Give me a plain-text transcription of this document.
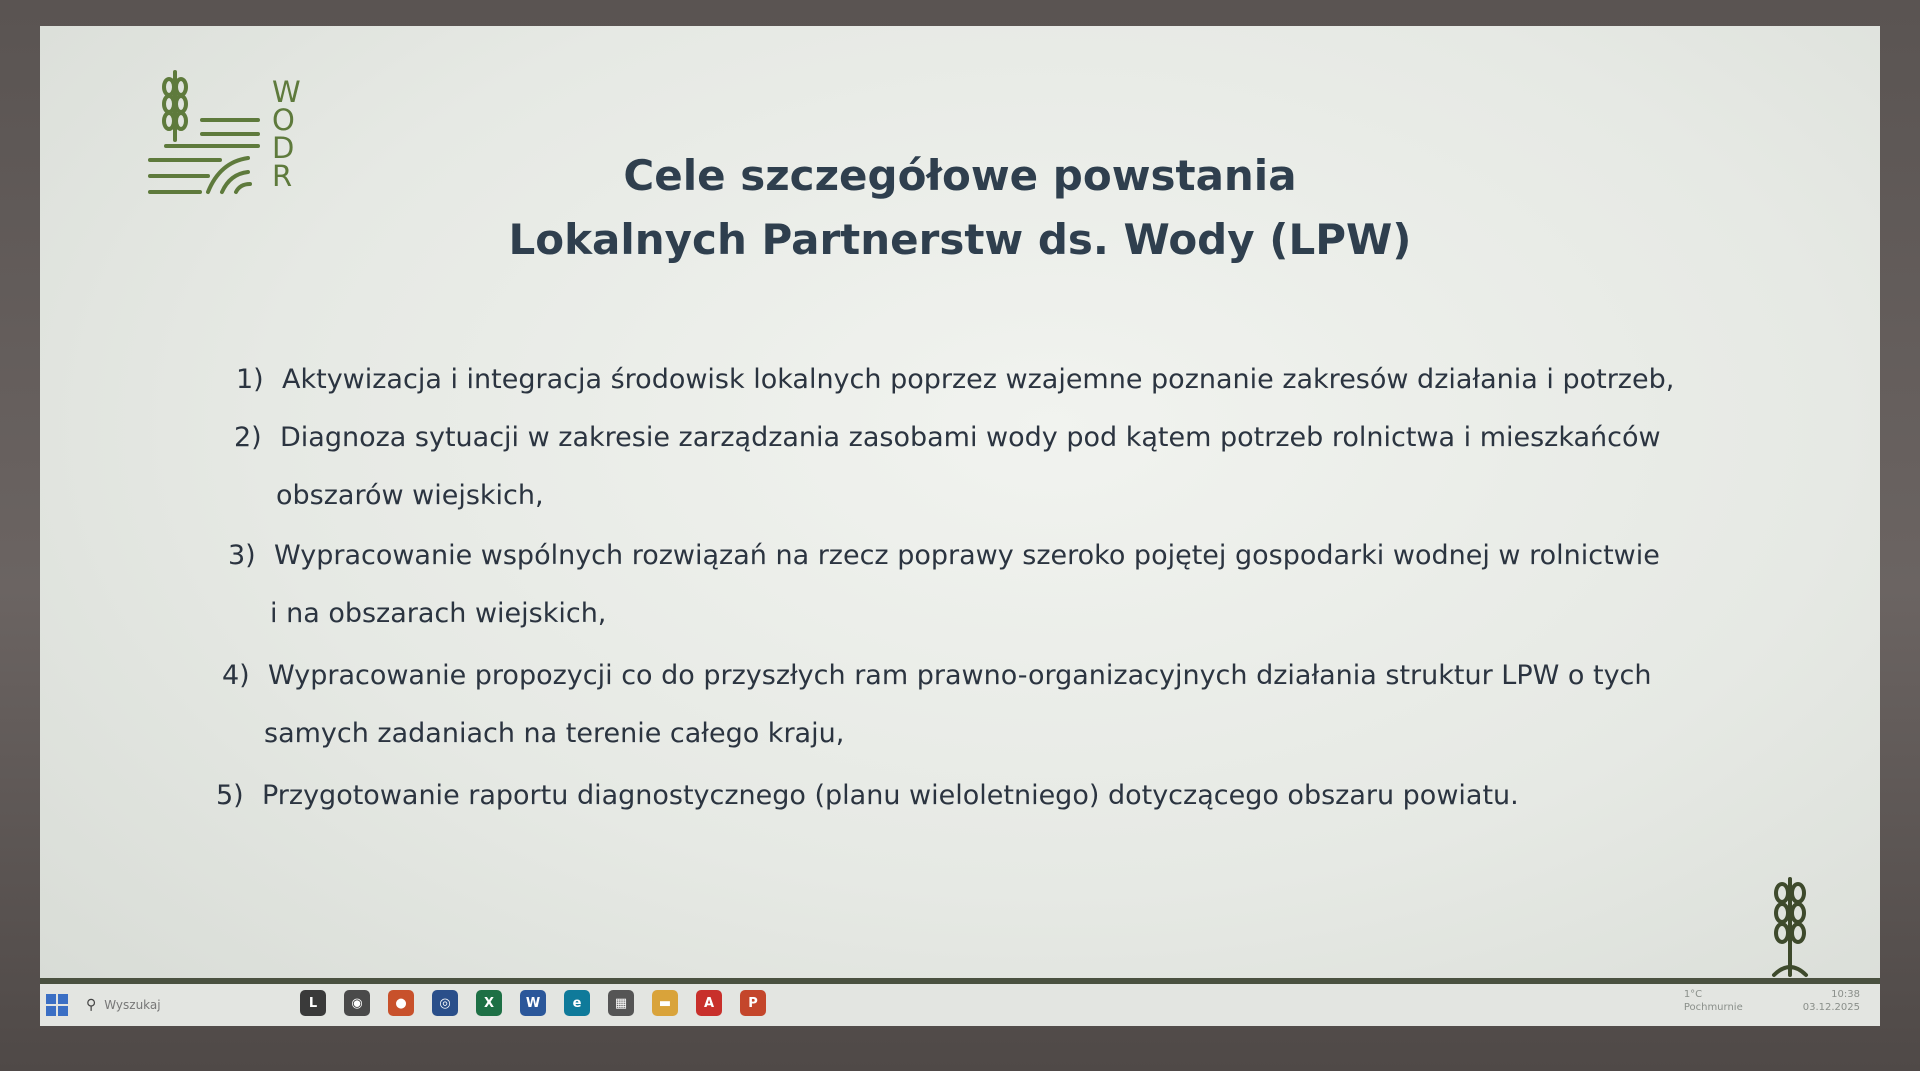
W
O
D
R	Cele szczegółowe powstania
Lokalnych Partnerstw ds. Wody (LPW)
1) Aktywizacja i integracja środowisk lokalnych poprzez wzajemne poznanie zakresów działania i potrzeb,
2) Diagnoza sytuacji w zakresie zarządzania zasobami wody pod kątem potrzeb rolnictwa i mieszkańców
obszarów wiejskich,
3) Wypracowanie wspólnych rozwiązań na rzecz poprawy szeroko pojętej gospodarki wodnej w rolnictwie
i na obszarach wiejskich,
4) Wypracowanie propozycji co do przyszłych ram prawno-organizacyjnych działania struktur LPW o tych
samych zadaniach na terenie całego kraju,
5) Przygotowanie raportu diagnostycznego (planu wieloletniego) dotyczącego obszaru powiatu.
⚲ Wyszukaj	L	◉	●	◎	X	W	e	▦	▬	A	P
1°C
Pochmurnie
10:38
03.12.2025
